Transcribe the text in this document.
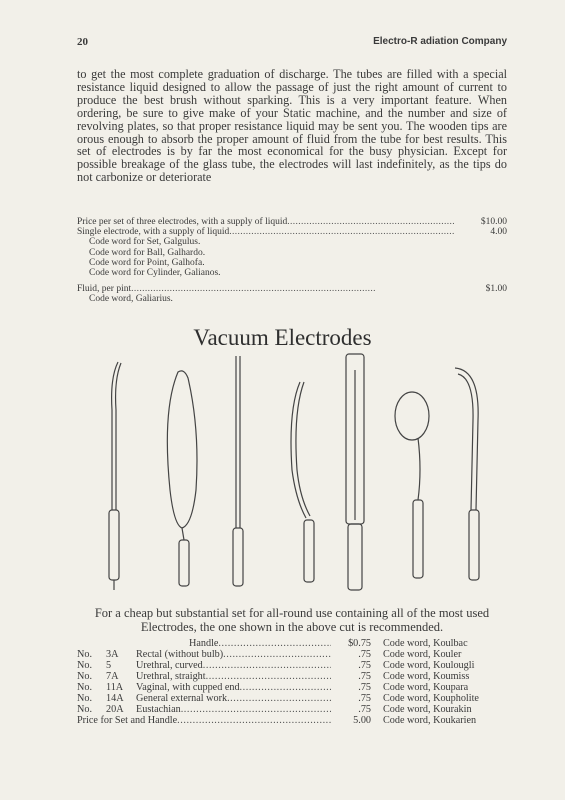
20	Electro-R adiation Company

to get the most complete graduation of discharge. The tubes are filled with a special resistance liquid designed to allow the passage of just the right amount of current to produce the best brush without sparking. This is a very important feature. When ordering, be sure to give make of your Static machine, and the number and size of revolving plates, so that proper resistance liquid may be sent you. The wooden tips are orous enough to absorb the proper amount of fluid from the tube for best results. This set of electrodes is by far the most economical for the busy physician. Except for possible breakage of the glass tube, the electrodes will last indefinitely, as the tips do not carbonize or deteriorate

Price per set of three electrodes, with a supply of liquid . . .	$10.00
Single electrode, with a supply of liquid . . .	4.00
Code word for Set, Galgulus.
Code word for Ball, Galhardo.
Code word for Point, Galhofa.
Code word for Cylinder, Galianos.
Fluid, per pint . . .	$1.00
Code word, Galiarius.
Vacuum Electrodes
For a cheap but substantial set for all-round use containing all of the most used Electrodes, the one shown in the above cut is recommended.
Handle . . .	$0.75	Code word, Koulbac
No.	3A	Rectal (without bulb) . . .	.75	Code word, Kouler
No.	5	Urethral, curved . . .	.75	Code word, Koulougli
No.	7A	Urethral, straight . . .	.75	Code word, Koumiss
No.	11A	Vaginal, with cupped end . . .	.75	Code word, Koupara
No.	14A	General external work . . .	.75	Code word, Koupholite
No.	20A	Eustachian . . .	.75	Code word, Kourakin
Price for Set and Handle . . .	5.00	Code word, Koukarien
